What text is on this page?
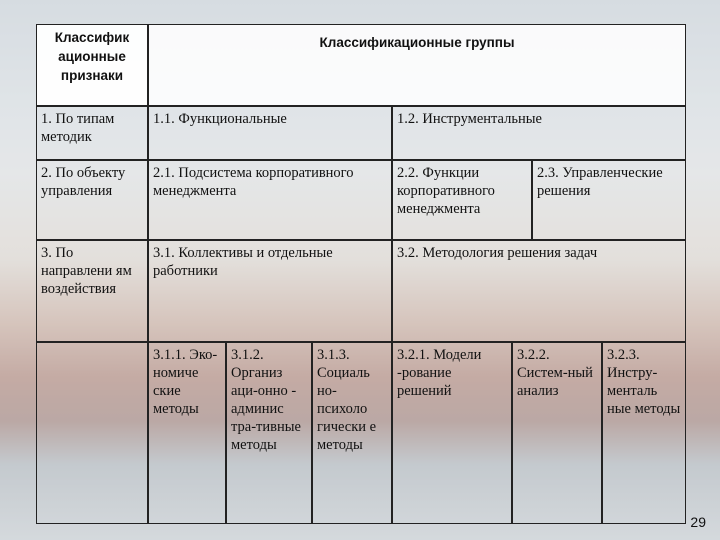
Классифик ационные признаки
Классификационные группы
1. По типам методик
1.1. Функциональные	1.2. Инструментальные
2. По объекту управления
2.1. Подсистема корпоративного менеджмента
2.2. Функции корпоративного менеджмента
2.3. Управленческие решения
3. По направлени ям воздействия
3.1. Коллективы и отдельные работники
3.2. Методология решения задач
3.1.1. Эко-номиче ские методы
3.1.2. Организ аци-онно - админис тра-тивные методы
3.1.3. Социаль но-психоло гически е методы
3.2.1. Модели -рование решений
3.2.2. Систем-ный анализ
3.2.3. Инстру-менталь ные методы
29
